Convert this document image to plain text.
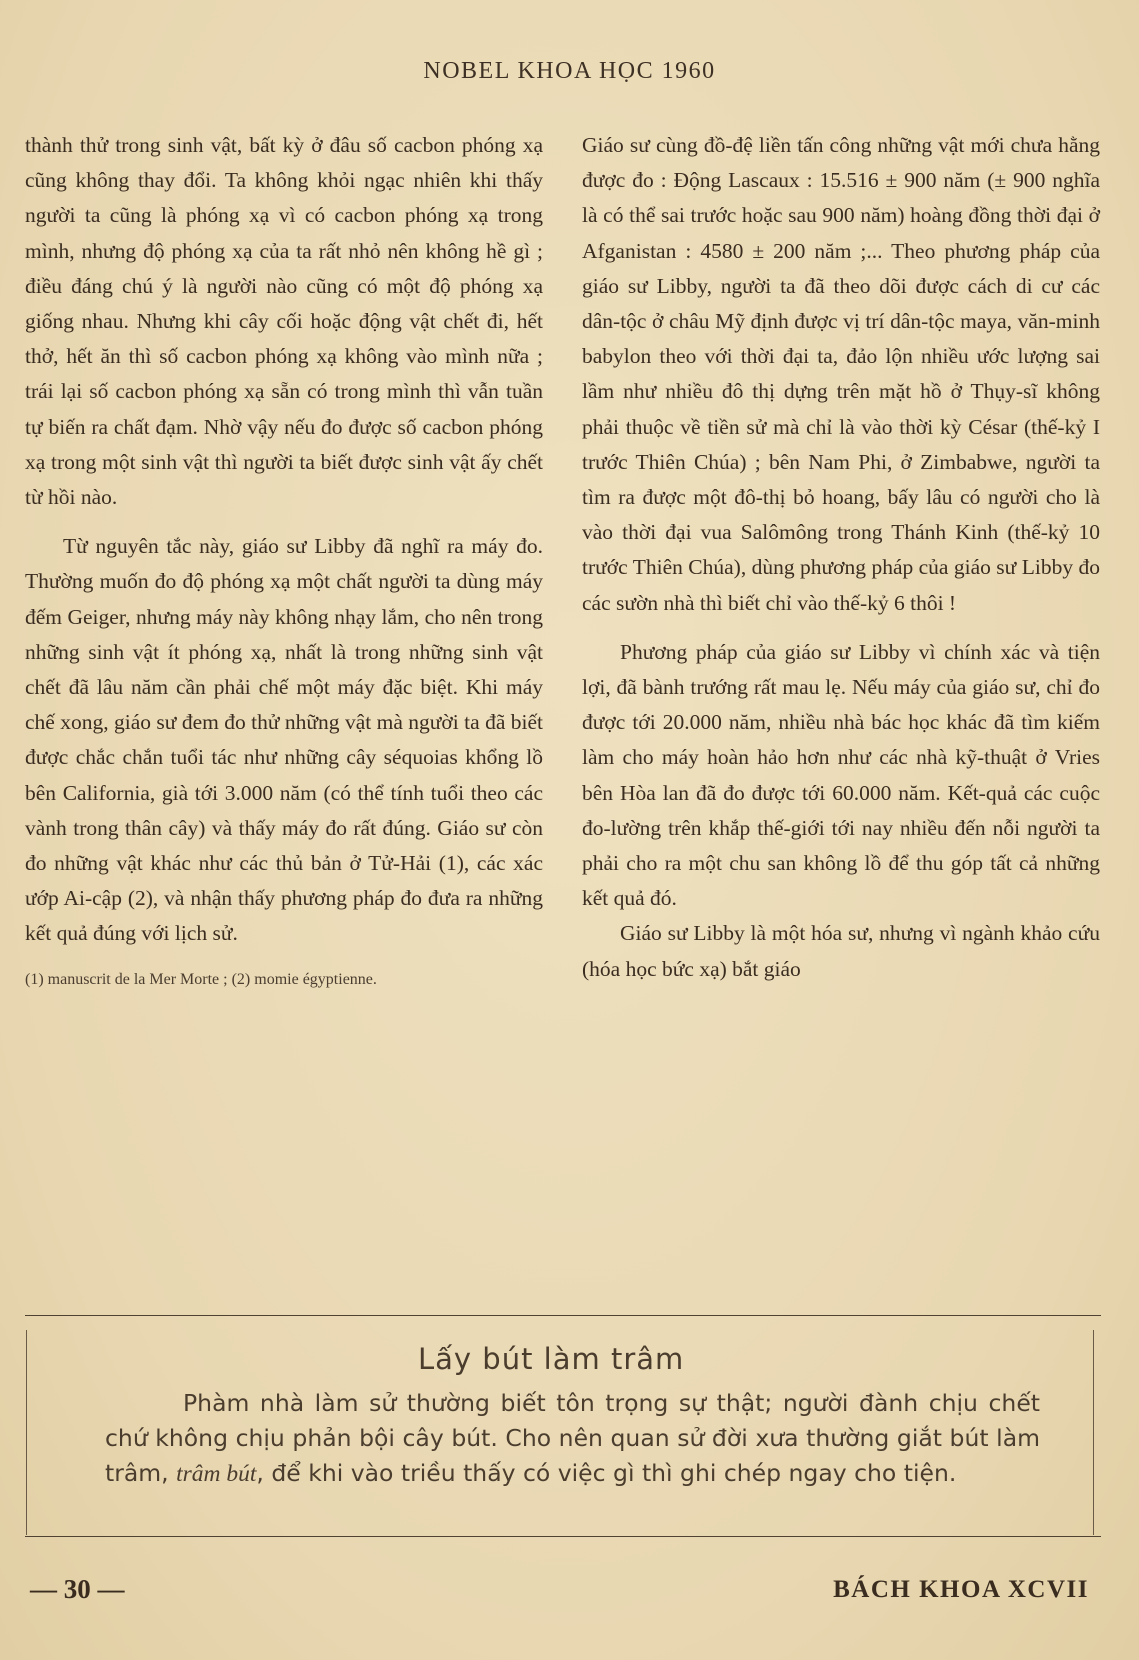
NOBEL KHOA HỌC 1960

thành thử trong sinh vật, bất kỳ ở đâu số cacbon phóng xạ cũng không thay đổi. Ta không khỏi ngạc nhiên khi thấy người ta cũng là phóng xạ vì có cacbon phóng xạ trong mình, nhưng độ phóng xạ của ta rất nhỏ nên không hề gì ; điều đáng chú ý là người nào cũng có một độ phóng xạ giống nhau. Nhưng khi cây cối hoặc động vật chết đi, hết thở, hết ăn thì số cacbon phóng xạ không vào mình nữa ; trái lại số cacbon phóng xạ sẵn có trong mình thì vẫn tuần tự biến ra chất đạm. Nhờ vậy nếu đo được số cacbon phóng xạ trong một sinh vật thì người ta biết được sinh vật ấy chết từ hồi nào.

Từ nguyên tắc này, giáo sư Libby đã nghĩ ra máy đo. Thường muốn đo độ phóng xạ một chất người ta dùng máy đếm Geiger, nhưng máy này không nhạy lắm, cho nên trong những sinh vật ít phóng xạ, nhất là trong những sinh vật chết đã lâu năm cần phải chế một máy đặc biệt. Khi máy chế xong, giáo sư đem đo thử những vật mà người ta đã biết được chắc chắn tuổi tác như những cây séquoias khổng lồ bên California, già tới 3.000 năm (có thể tính tuổi theo các vành trong thân cây) và thấy máy đo rất đúng. Giáo sư còn đo những vật khác như các thủ bản ở Tử-Hải (1), các xác ướp Ai-cập (2), và nhận thấy phương pháp đo đưa ra những kết quả đúng với lịch sử.

(1) manuscrit de la Mer Morte ; (2) momie égyptienne.

Giáo sư cùng đồ-đệ liền tấn công những vật mới chưa hằng được đo : Động Lascaux : 15.516 ± 900 năm (± 900 nghĩa là có thể sai trước hoặc sau 900 năm) hoàng đồng thời đại ở Afganistan : 4580 ± 200 năm ;... Theo phương pháp của giáo sư Libby, người ta đã theo dõi được cách di cư các dân-tộc ở châu Mỹ định được vị trí dân-tộc maya, văn-minh babylon theo với thời đại ta, đảo lộn nhiều ước lượng sai lầm như nhiều đô thị dựng trên mặt hồ ở Thụy-sĩ không phải thuộc về tiền sử mà chỉ là vào thời kỳ César (thế-kỷ I trước Thiên Chúa) ; bên Nam Phi, ở Zimbabwe, người ta tìm ra được một đô-thị bỏ hoang, bấy lâu có người cho là vào thời đại vua Salômông trong Thánh Kinh (thế-kỷ 10 trước Thiên Chúa), dùng phương pháp của giáo sư Libby đo các sườn nhà thì biết chỉ vào thế-kỷ 6 thôi !

Phương pháp của giáo sư Libby vì chính xác và tiện lợi, đã bành trướng rất mau lẹ. Nếu máy của giáo sư, chỉ đo được tới 20.000 năm, nhiều nhà bác học khác đã tìm kiếm làm cho máy hoàn hảo hơn như các nhà kỹ-thuật ở Vries bên Hòa lan đã đo được tới 60.000 năm. Kết-quả các cuộc đo-lường trên khắp thế-giới tới nay nhiều đến nỗi người ta phải cho ra một chu san không lồ để thu góp tất cả những kết quả đó.

Giáo sư Libby là một hóa sư, nhưng vì ngành khảo cứu (hóa học bức xạ) bắt giáo

Lấy bút làm trâm
Phàm nhà làm sử thường biết tôn trọng sự thật; người đành chịu chết chứ không chịu phản bội cây bút. Cho nên quan sử đời xưa thường giắt bút làm trâm, trâm bút, để khi vào triều thấy có việc gì thì ghi chép ngay cho tiện.
— 30 —	BÁCH KHOA XCVII
